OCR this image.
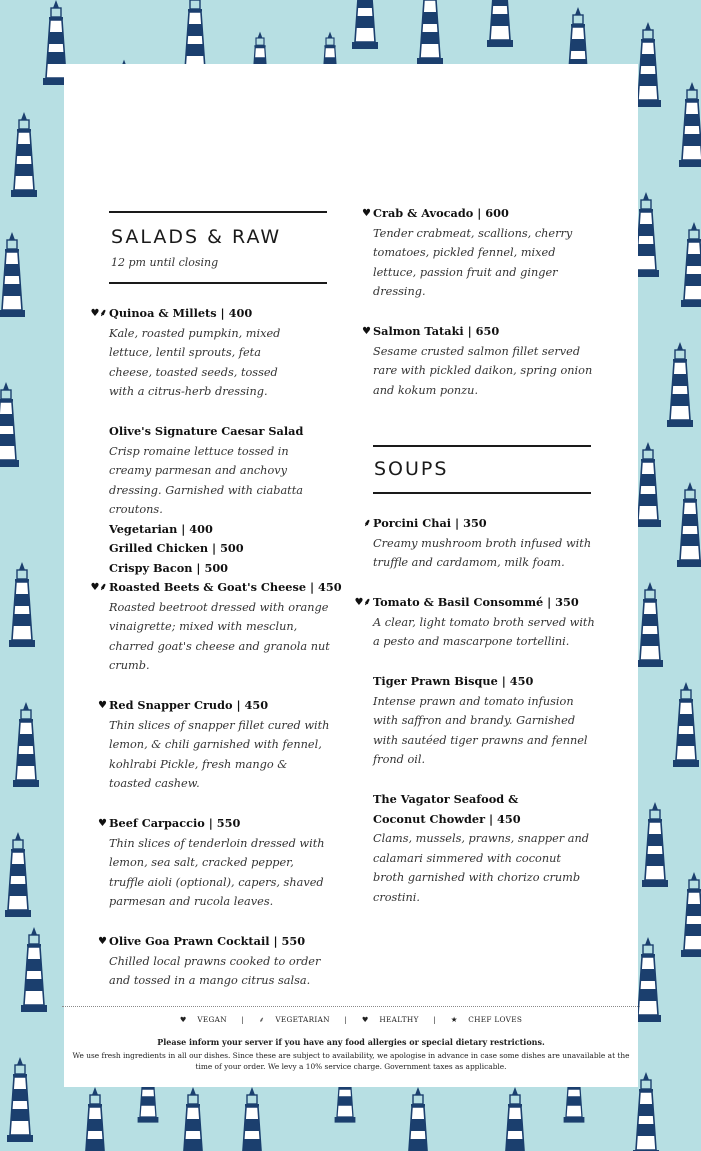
SALADS & RAW
12 pm until closing
♥⸙ Quinoa & Millets | 400
Kale, roasted pumpkin, mixed lettuce, lentil sprouts, feta cheese, toasted seeds, tossed with a citrus-herb dressing.
Olive's Signature Caesar Salad
Crisp romaine lettuce tossed in creamy parmesan and anchovy dressing. Garnished with ciabatta croutons.
Vegetarian | 400
Grilled Chicken | 500
Crispy Bacon | 500
♥⸙ Roasted Beets & Goat's Cheese | 450
Roasted beetroot dressed with orange vinaigrette; mixed with mesclun, charred goat's cheese and granola nut crumb.
♥ Red Snapper Crudo | 450
Thin slices of snapper fillet cured with lemon, & chili garnished with fennel, kohlrabi Pickle, fresh mango & toasted cashew.
♥ Beef Carpaccio | 550
Thin slices of tenderloin dressed with lemon, sea salt, cracked pepper, truffle aioli (optional), capers, shaved parmesan and rucola leaves.
♥ Olive Goa Prawn Cocktail | 550
Chilled local prawns cooked to order and tossed in a mango citrus salsa.
♥ Crab & Avocado | 600
Tender crabmeat, scallions, cherry tomatoes, pickled fennel, mixed lettuce, passion fruit and ginger dressing.
♥ Salmon Tataki | 650
Sesame crusted salmon fillet served rare with pickled daikon, spring onion and kokum ponzu.
SOUPS
⸙ Porcini Chai | 350
Creamy mushroom broth infused with truffle and cardamom, milk foam.
♥⸙ Tomato & Basil Consommé | 350
A clear, light tomato broth served with a pesto and mascarpone tortellini.
Tiger Prawn Bisque | 450
Intense prawn and tomato infusion with saffron and brandy. Garnished with sautéed tiger prawns and fennel frond oil.
The Vagator Seafood & Coconut Chowder | 450
Clams, mussels, prawns, snapper and calamari simmered with coconut broth garnished with chorizo crumb crostini.
♥ VEGAN | ⸙ VEGETARIAN | ♥ HEALTHY | ★ CHEF LOVES
Please inform your server if you have any food allergies or special dietary restrictions.
We use fresh ingredients in all our dishes. Since these are subject to availability, we apologise in advance in case some dishes are unavailable at the time of your order. We levy a 10% service charge. Government taxes as applicable.
